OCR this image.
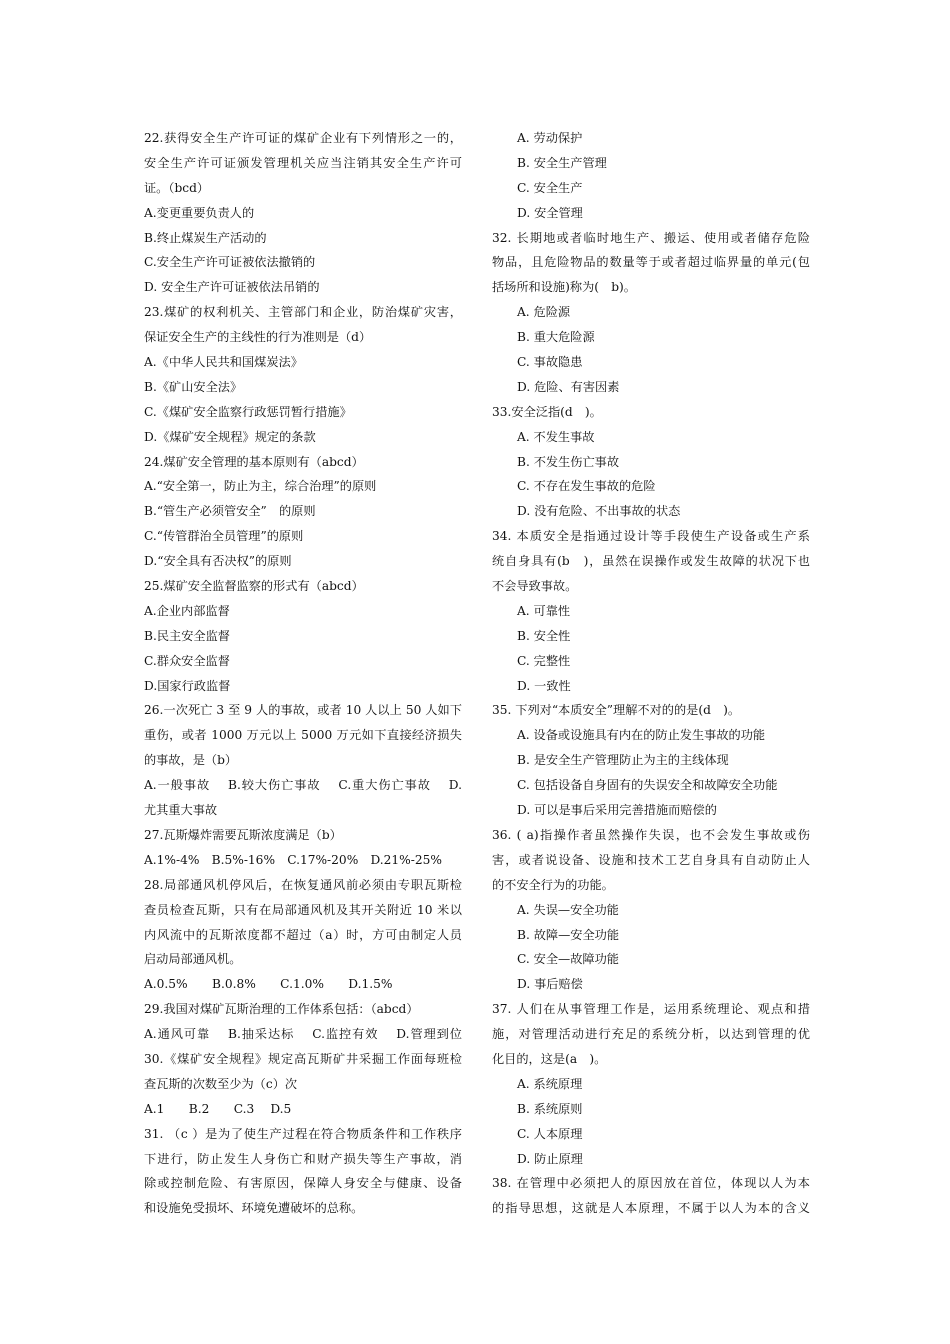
22.获得安全生产许可证的煤矿企业有下列情形之一的，
安全生产许可证颁发管理机关应当注销其安全生产许可
证。（bcd）
A.变更重要负责人的
B.终止煤炭生产活动的
C.安全生产许可证被依法撤销的
D. 安全生产许可证被依法吊销的
23.煤矿的权利机关、主管部门和企业，防治煤矿灾害，
保证安全生产的主线性的行为准则是（d）
A.《中华人民共和国煤炭法》
B.《矿山安全法》
C.《煤矿安全监察行政惩罚暂行措施》
D.《煤矿安全规程》规定的条款
24.煤矿安全管理的基本原则有（abcd）
A.“安全第一，防止为主，综合治理”的原则
B.“管生产必须管安全”　的原则
C.“传管群治全员管理”的原则
D.“安全具有否决权”的原则
25.煤矿安全监督监察的形式有（abcd）
A.企业内部监督
B.民主安全监督
C.群众安全监督
D.国家行政监督
26.一次死亡 3 至 9 人的事故，或者 10 人以上 50 人如下
重伤，或者 1000 万元以上 5000 万元如下直接经济损失
的事故，是（b）
A.一般事故　 B.较大伤亡事故　 C.重大伤亡事故　 D.
尤其重大事故
27.瓦斯爆炸需要瓦斯浓度满足（b）
A.1%-4%　B.5%-16%　C.17%-20%　D.21%-25%
28.局部通风机停风后，在恢复通风前必须由专职瓦斯检
查员检查瓦斯，只有在局部通风机及其开关附近 10 米以
内风流中的瓦斯浓度都不超过（a）时，方可由制定人员
启动局部通风机。
A.0.5%　　B.0.8%　　C.1.0%　　D.1.5%
29.我国对煤矿瓦斯治理的工作体系包括：（abcd）
A.通风可靠　 B.抽采达标　 C.监控有效　 D.管理到位
30.《煤矿安全规程》规定高瓦斯矿井采掘工作面每班检
查瓦斯的次数至少为（c）次
A.1　　B.2　　C.3　 D.5
31. （c ）是为了使生产过程在符合物质条件和工作秩序
下进行，防止发生人身伤亡和财产损失等生产事故，消
除或控制危险、有害原因，保障人身安全与健康、设备
和设施免受损坏、环境免遭破坏的总称。
A. 劳动保护
B. 安全生产管理
C. 安全生产
D. 安全管理
32. 长期地或者临时地生产、搬运、使用或者储存危险
物品，且危险物品的数量等于或者超过临界量的单元(包
括场所和设施)称为(　b)。
A. 危险源
B. 重大危险源
C. 事故隐患
D. 危险、有害因素
33.安全泛指(d　)。
A. 不发生事故
B. 不发生伤亡事故
C. 不存在发生事故的危险
D. 没有危险、不出事故的状态
34. 本质安全是指通过设计等手段使生产设备或生产系
统自身具有(b　)，虽然在误操作或发生故障的状况下也
不会导致事故。
A. 可靠性
B. 安全性
C. 完整性
D. 一致性
35. 下列对“本质安全”理解不对的的是(d　)。
A. 设备或设施具有内在的防止发生事故的功能
B. 是安全生产管理防止为主的主线体现
C. 包括设备自身固有的失误安全和故障安全功能
D. 可以是事后采用完善措施而赔偿的
36. ( a)指操作者虽然操作失误，也不会发生事故或伤
害，或者说设备、设施和技术工艺自身具有自动防止人
的不安全行为的功能。
A. 失误—安全功能
B. 故障—安全功能
C. 安全—故障功能
D. 事后赔偿
37. 人们在从事管理工作是，运用系统理论、观点和措
施，对管理活动进行充足的系统分析，以达到管理的优
化目的，这是(a　)。
A. 系统原理
B. 系统原则
C. 人本原理
D. 防止原理
38. 在管理中必须把人的原因放在首位，体现以人为本
的指导思想，这就是人本原理，不属于以人为本的含义
